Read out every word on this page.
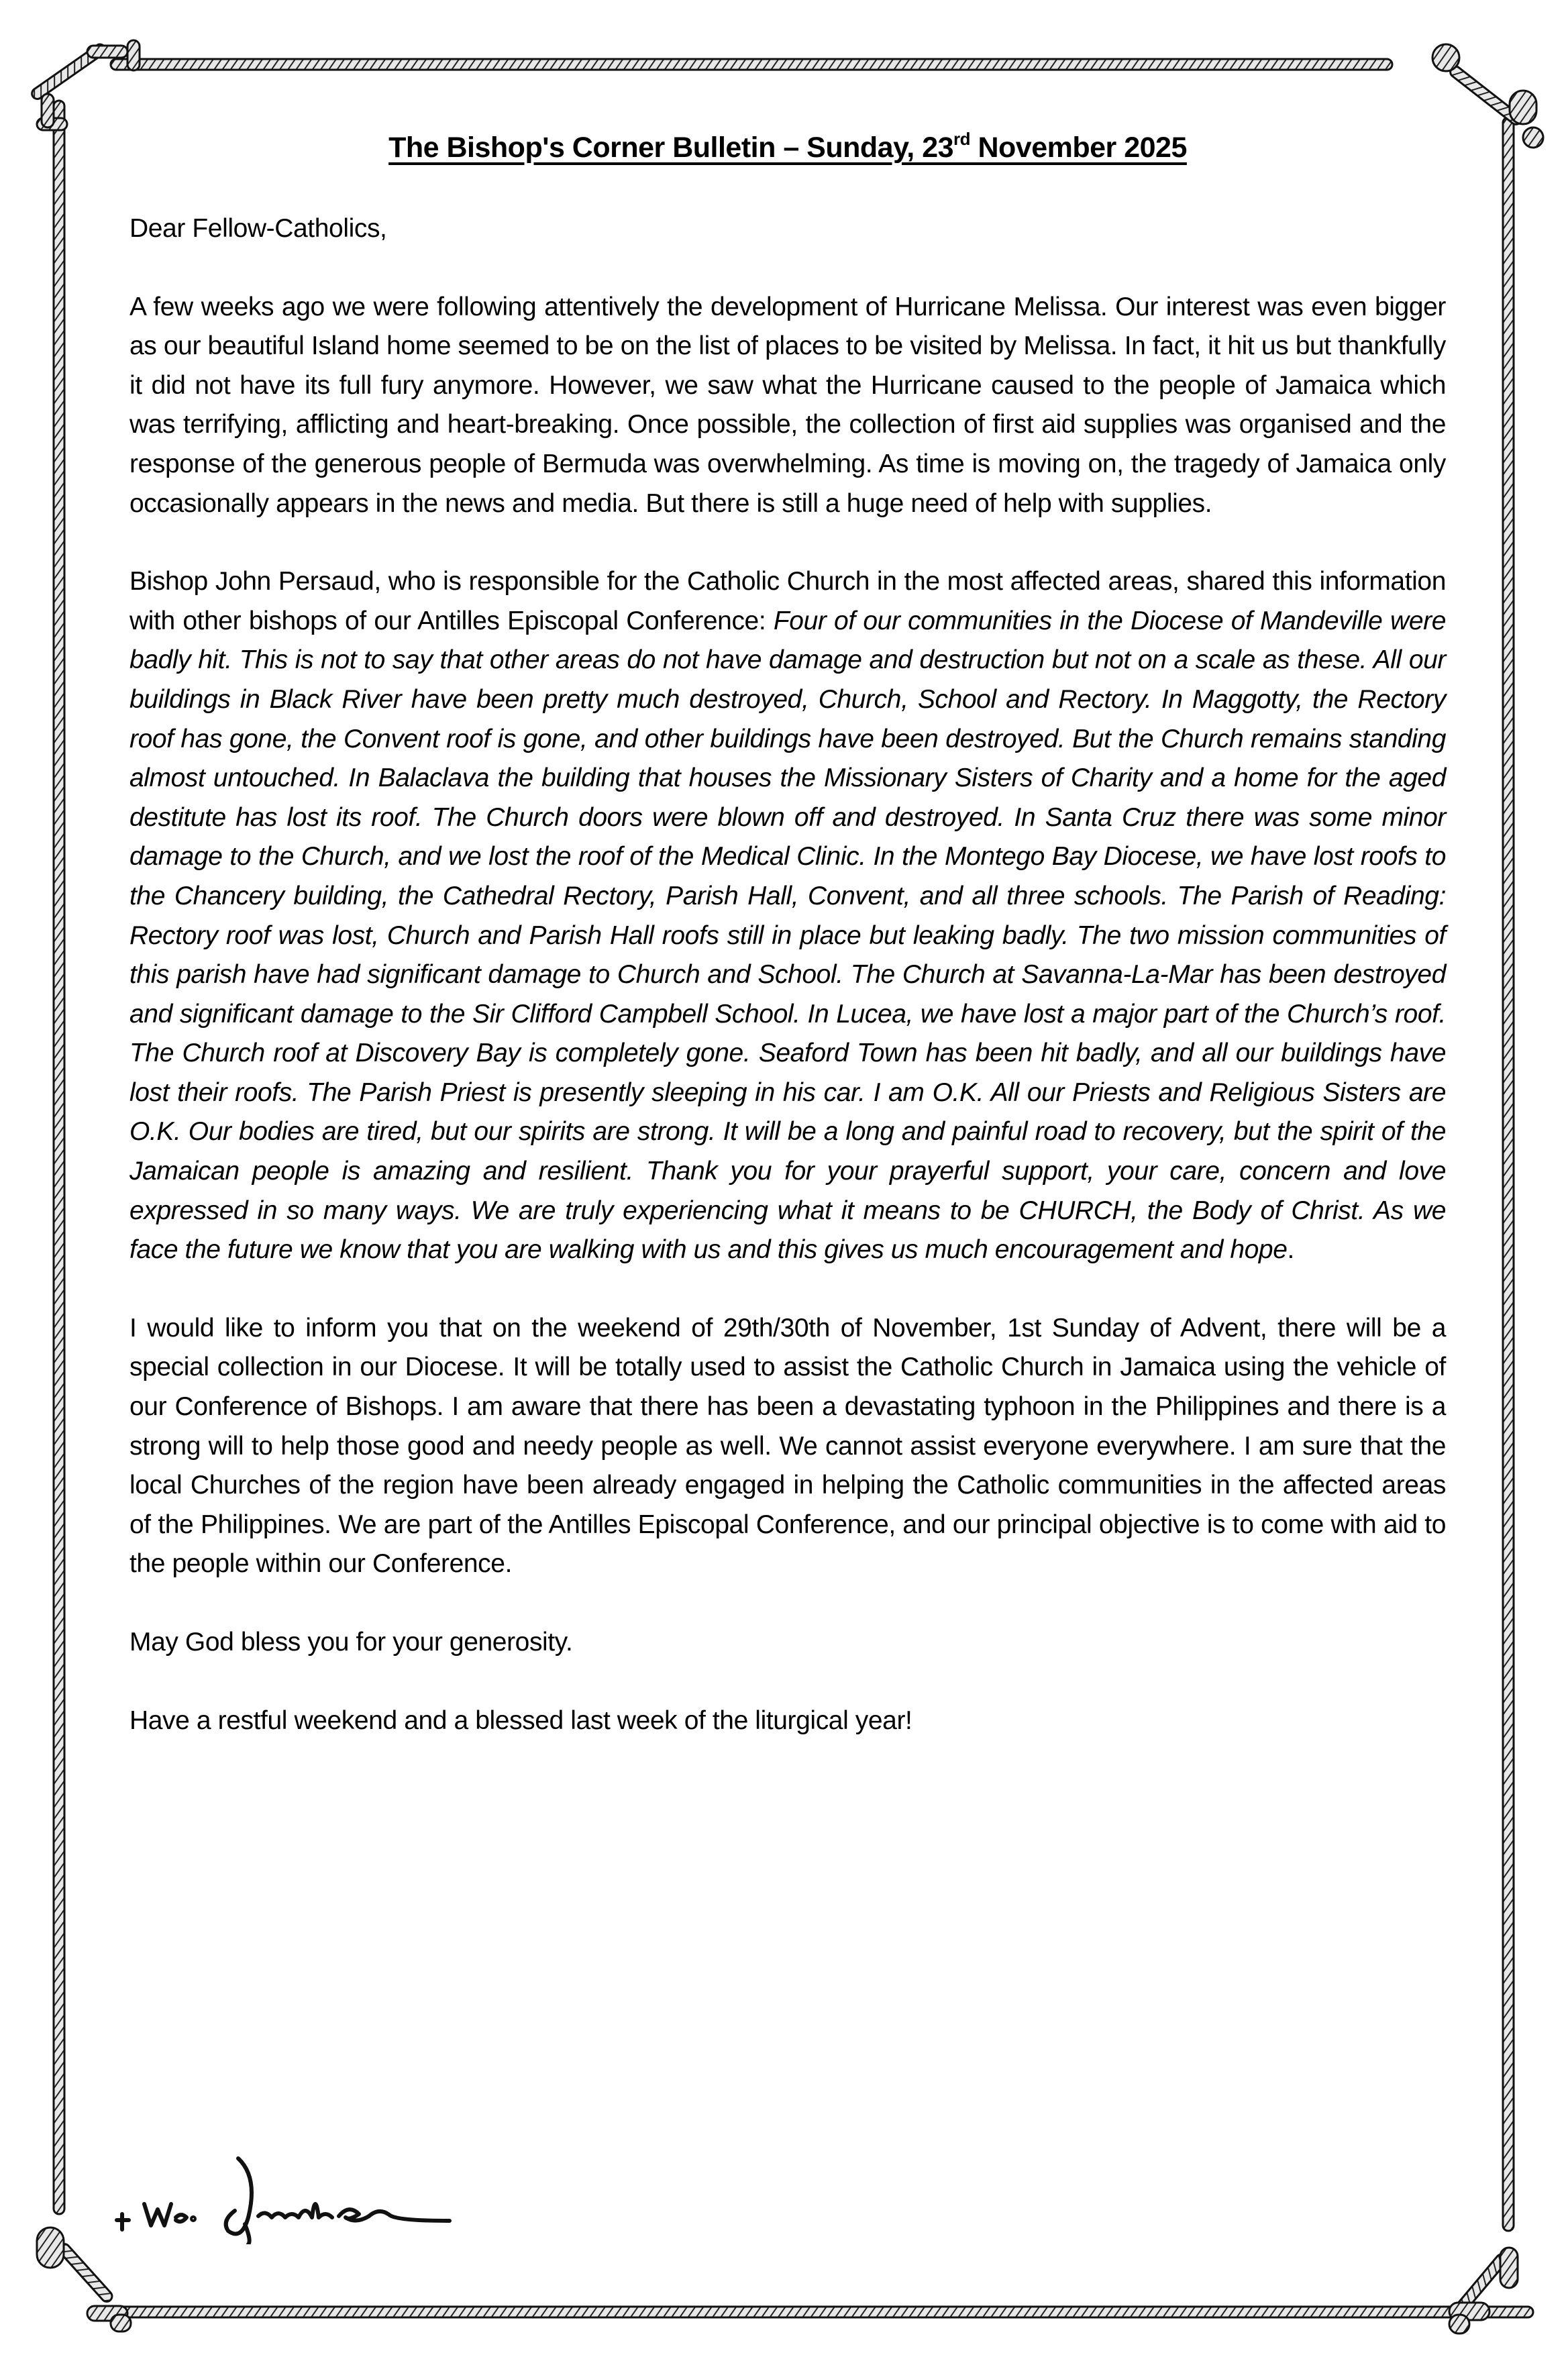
The Bishop's Corner Bulletin – Sunday, 23rd November 2025

Dear Fellow-Catholics,

A few weeks ago we were following attentively the development of Hurricane Melissa. Our interest was even bigger as our beautiful Island home seemed to be on the list of places to be visited by Melissa. In fact, it hit us but thankfully it did not have its full fury anymore. However, we saw what the Hurricane caused to the people of Jamaica which was terrifying, afflicting and heart-breaking. Once possible, the collection of first aid supplies was organised and the response of the generous people of Bermuda was overwhelming. As time is moving on, the tragedy of Jamaica only occasionally appears in the news and media. But there is still a huge need of help with supplies.

Bishop John Persaud, who is responsible for the Catholic Church in the most affected areas, shared this information with other bishops of our Antilles Episcopal Conference: Four of our communities in the Diocese of Mandeville were badly hit. This is not to say that other areas do not have damage and destruction but not on a scale as these. All our buildings in Black River have been pretty much destroyed, Church, School and Rectory. In Maggotty, the Rectory roof has gone, the Convent roof is gone, and other buildings have been destroyed. But the Church remains standing almost untouched. In Balaclava the building that houses the Missionary Sisters of Charity and a home for the aged destitute has lost its roof. The Church doors were blown off and destroyed. In Santa Cruz there was some minor damage to the Church, and we lost the roof of the Medical Clinic. In the Montego Bay Diocese, we have lost roofs to the Chancery building, the Cathedral Rectory, Parish Hall, Convent, and all three schools. The Parish of Reading: Rectory roof was lost, Church and Parish Hall roofs still in place but leaking badly. The two mission communities of this parish have had significant damage to Church and School. The Church at Savanna-La-Mar has been destroyed and significant damage to the Sir Clifford Campbell School. In Lucea, we have lost a major part of the Church’s roof. The Church roof at Discovery Bay is completely gone. Seaford Town has been hit badly, and all our buildings have lost their roofs. The Parish Priest is presently sleeping in his car. I am O.K. All our Priests and Religious Sisters are O.K. Our bodies are tired, but our spirits are strong. It will be a long and painful road to recovery, but the spirit of the Jamaican people is amazing and resilient. Thank you for your prayerful support, your care, concern and love expressed in so many ways. We are truly experiencing what it means to be CHURCH, the Body of Christ. As we face the future we know that you are walking with us and this gives us much encouragement and hope.

I would like to inform you that on the weekend of 29th/30th of November, 1st Sunday of Advent, there will be a special collection in our Diocese. It will be totally used to assist the Catholic Church in Jamaica using the vehicle of our Conference of Bishops. I am aware that there has been a devastating typhoon in the Philippines and there is a strong will to help those good and needy people as well. We cannot assist everyone everywhere. I am sure that the local Churches of the region have been already engaged in helping the Catholic communities in the affected areas of the Philippines. We are part of the Antilles Episcopal Conference, and our principal objective is to come with aid to the people within our Conference.

May God bless you for your generosity.

Have a restful weekend and a blessed last week of the liturgical year!
